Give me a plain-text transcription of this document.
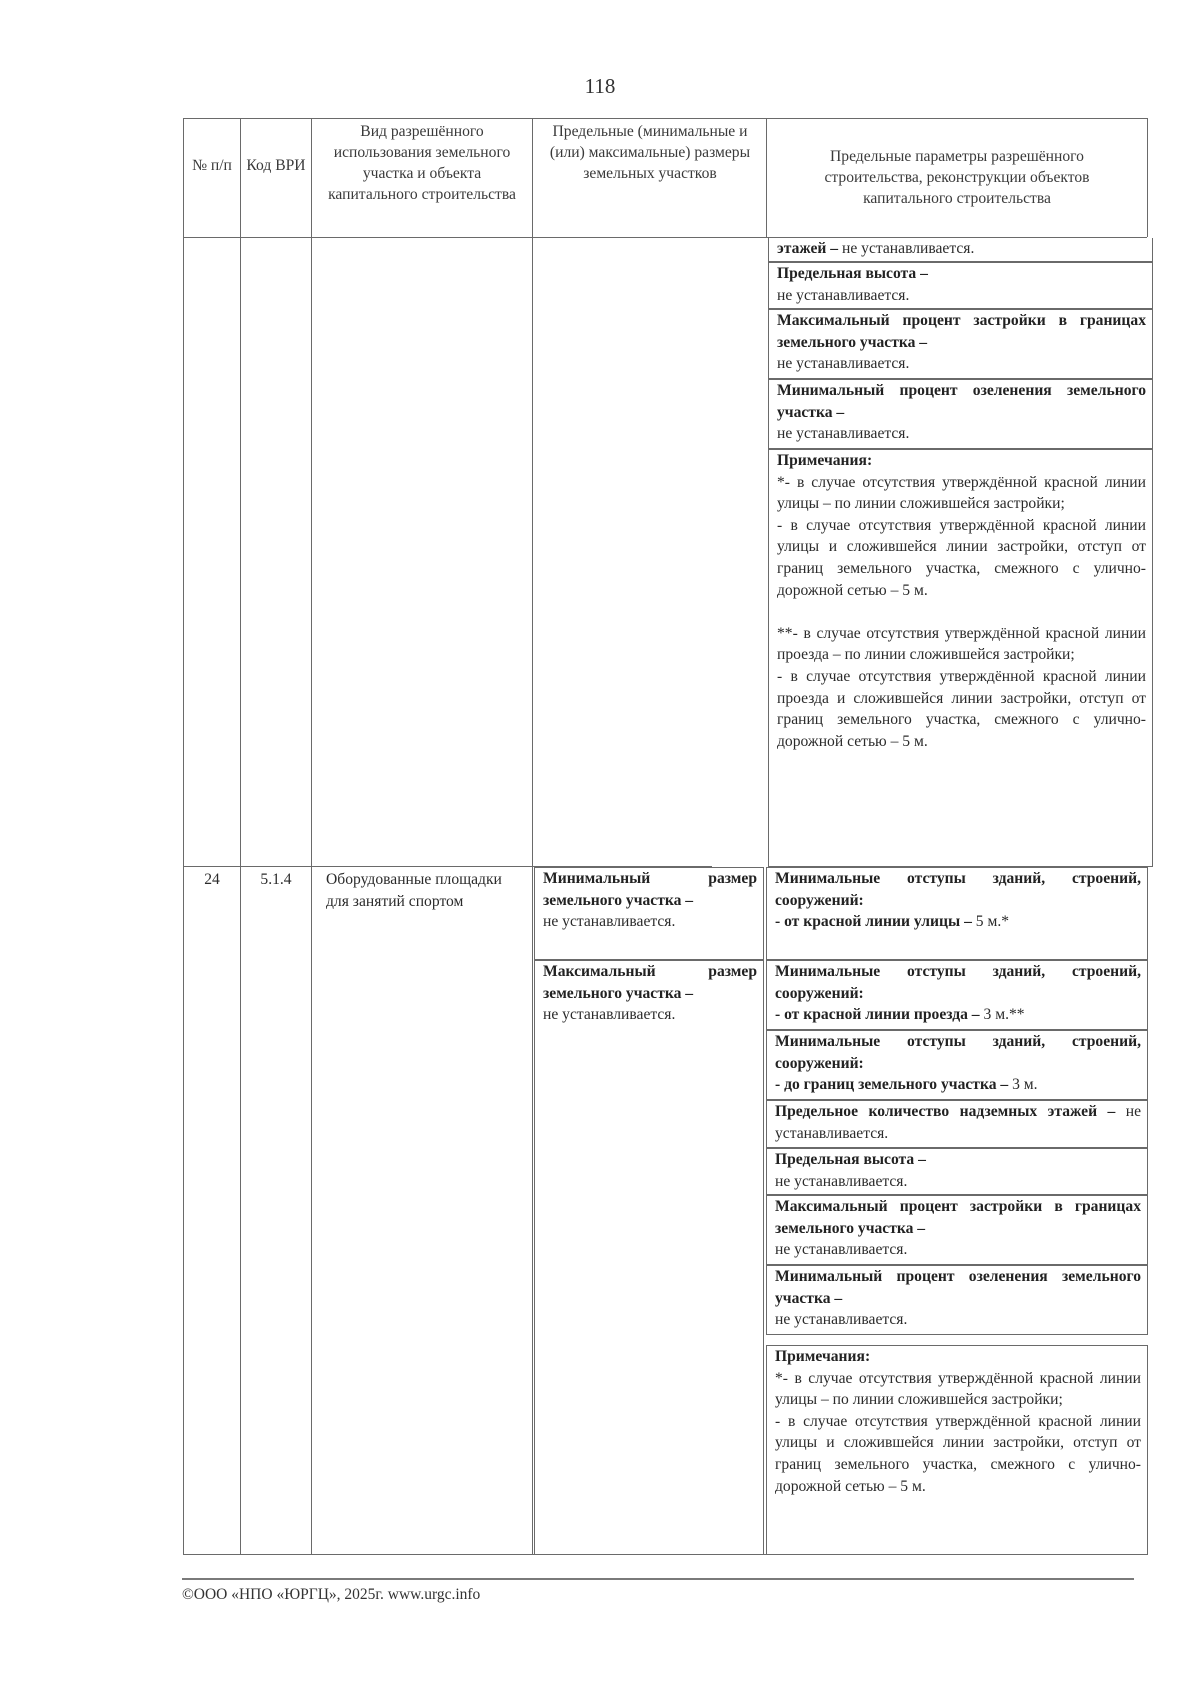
118
№ п/п Код ВРИ
Вид разрешённого использования земельного участка и объекта капитального строительства
Предельные (минимальные и (или) максимальные) размеры земельных участков
Предельные параметры разрешённого строительства, реконструкции объектов капитального строительства

этажей – не устанавливается.

Предельная высота –

не устанавливается.

Максимальный процент застройки в границах земельного участка –

не устанавливается.

Минимальный процент озеленения земельного участка –

не устанавливается.

Примечания:

*- в случае отсутствия утверждённой красной линии улицы – по линии сложившейся застройки;

- в случае отсутствия утверждённой красной линии улицы и сложившейся линии застройки, отступ от границ земельного участка, смежного с улично-дорожной сетью – 5 м.

**- в случае отсутствия утверждённой красной линии проезда – по линии сложившейся застройки;

- в случае отсутствия утверждённой красной линии проезда и сложившейся линии застройки, отступ от границ земельного участка, смежного с улично-дорожной сетью – 5 м.

24	5.1.4	Оборудованные площадки для занятий спортом

Минимальный размер земельного участка –

не устанавливается.

Максимальный размер земельного участка –

не устанавливается.

Минимальные отступы зданий, строений, сооружений:

- от красной линии улицы – 5 м.*

Минимальные отступы зданий, строений, сооружений:

- от красной линии проезда – 3 м.**

Минимальные отступы зданий, строений, сооружений:

- до границ земельного участка – 3 м.

Предельное количество надземных этажей – не устанавливается.

Предельная высота –

не устанавливается.

Максимальный процент застройки в границах земельного участка –

не устанавливается.

Минимальный процент озеленения земельного участка –

не устанавливается.

Примечания:

*- в случае отсутствия утверждённой красной линии улицы – по линии сложившейся застройки;

- в случае отсутствия утверждённой красной линии улицы и сложившейся линии застройки, отступ от границ земельного участка, смежного с улично-дорожной сетью – 5 м.

©ООО «НПО «ЮРГЦ», 2025г. www.urgc.info
